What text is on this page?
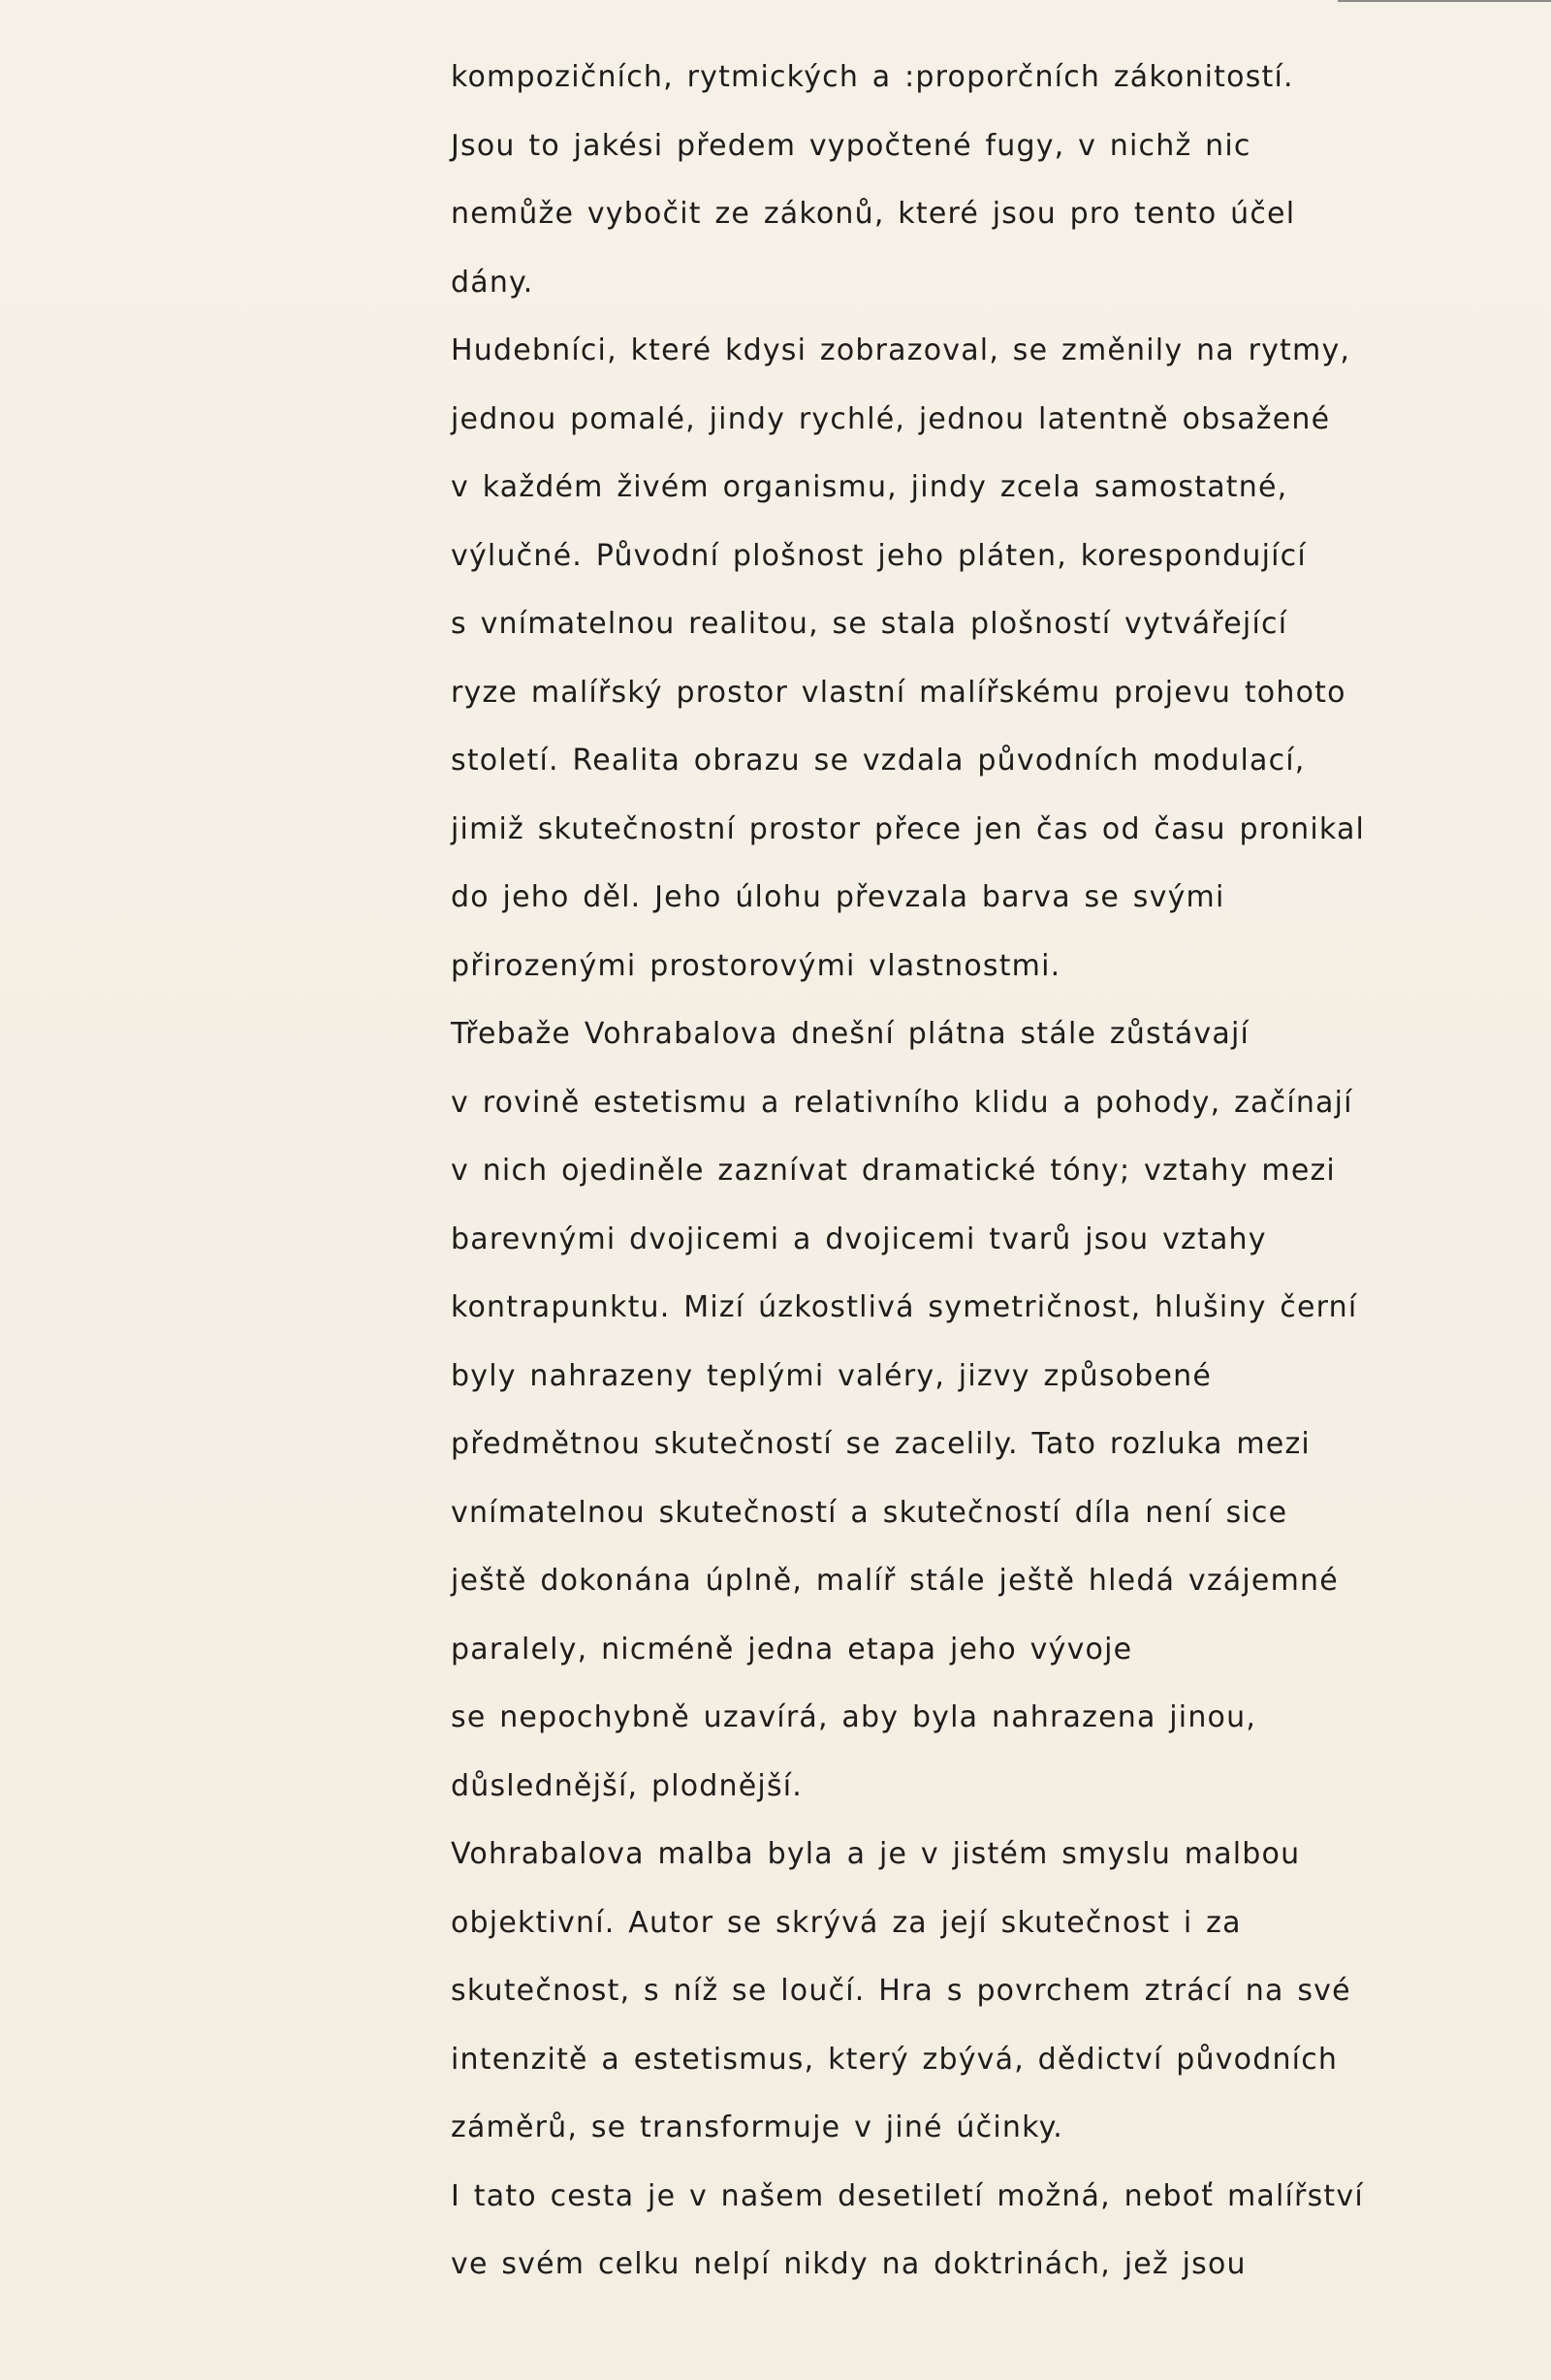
kompozičních, rytmických a :proporčních zákonitostí.
Jsou to jakési předem vypočtené fugy, v nichž nic
nemůže vybočit ze zákonů, které jsou pro tento účel
dány.
Hudebníci, které kdysi zobrazoval, se změnily na rytmy,
jednou pomalé, jindy rychlé, jednou latentně obsažené
v každém živém organismu, jindy zcela samostatné,
výlučné. Původní plošnost jeho pláten, korespondující
s vnímatelnou realitou, se stala plošností vytvářející
ryze malířský prostor vlastní malířskému projevu tohoto
století. Realita obrazu se vzdala původních modulací,
jimiž skutečnostní prostor přece jen čas od času pronikal
do jeho děl. Jeho úlohu převzala barva se svými
přirozenými prostorovými vlastnostmi.
Třebaže Vohrabalova dnešní plátna stále zůstávají
v rovině estetismu a relativního klidu a pohody, začínají
v nich ojediněle zaznívat dramatické tóny; vztahy mezi
barevnými dvojicemi a dvojicemi tvarů jsou vztahy
kontrapunktu. Mizí úzkostlivá symetričnost, hlušiny černí
byly nahrazeny teplými valéry, jizvy způsobené
předmětnou skutečností se zacelily. Tato rozluka mezi
vnímatelnou skutečností a skutečností díla není sice
ještě dokonána úplně, malíř stále ještě hledá vzájemné
paralely, nicméně jedna etapa jeho vývoje
se nepochybně uzavírá, aby byla nahrazena jinou,
důslednější, plodnější.
Vohrabalova malba byla a je v jistém smyslu malbou
objektivní. Autor se skrývá za její skutečnost i za
skutečnost, s níž se loučí. Hra s povrchem ztrácí na své
intenzitě a estetismus, který zbývá, dědictví původních
záměrů, se transformuje v jiné účinky.
I tato cesta je v našem desetiletí možná, neboť malířství
ve svém celku nelpí nikdy na doktrinách, jež jsou
